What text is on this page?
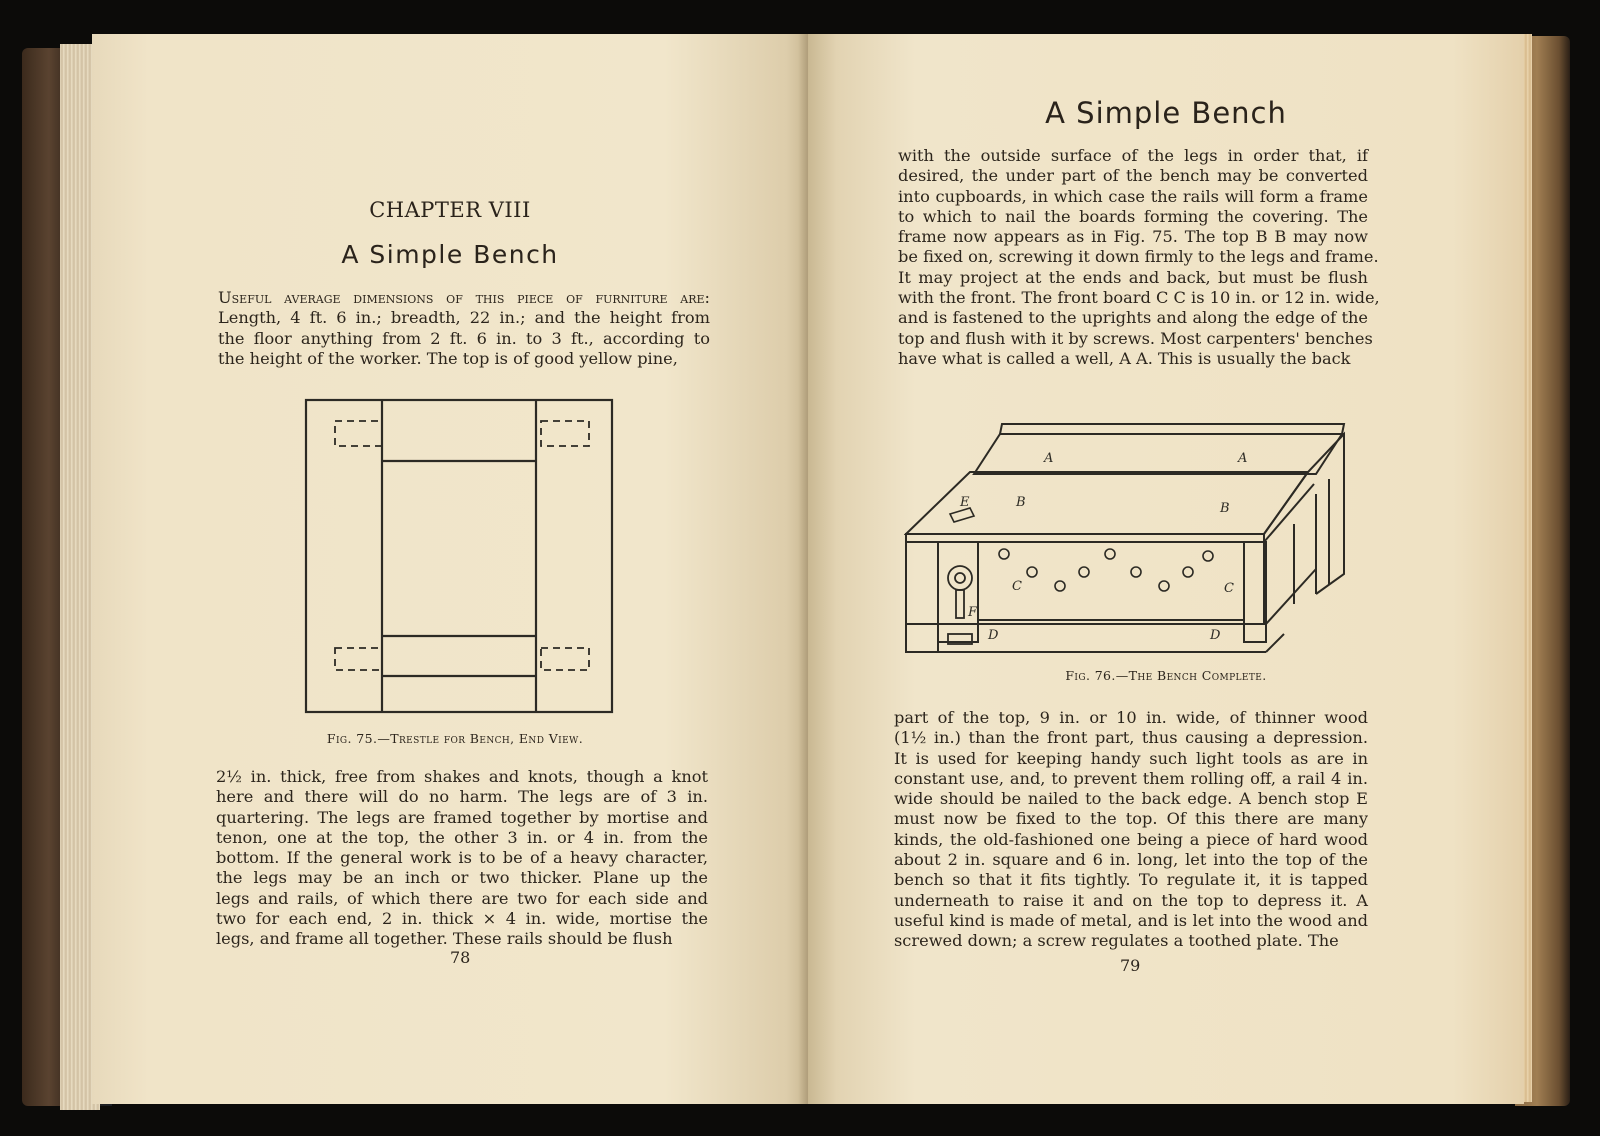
CHAPTER VIII
A Simple Bench
Useful average dimensions of this piece of furniture are:
Length, 4 ft. 6 in.; breadth, 22 in.; and the height from
the floor anything from 2 ft. 6 in. to 3 ft., according to
the height of the worker. The top is of good yellow pine,
Fig. 75.—Trestle for Bench, End View.
2½ in. thick, free from shakes and knots, though a knot
here and there will do no harm. The legs are of 3 in.
quartering. The legs are framed together by mortise and
tenon, one at the top, the other 3 in. or 4 in. from the
bottom. If the general work is to be of a heavy character,
the legs may be an inch or two thicker. Plane up the
legs and rails, of which there are two for each side and
two for each end, 2 in. thick × 4 in. wide, mortise the
legs, and frame all together. These rails should be flush
78
A Simple Bench
with the outside surface of the legs in order that, if
desired, the under part of the bench may be converted
into cupboards, in which case the rails will form a frame
to which to nail the boards forming the covering. The
frame now appears as in Fig. 75. The top B B may now
be fixed on, screwing it down firmly to the legs and frame.
It may project at the ends and back, but must be flush
with the front. The front board C C is 10 in. or 12 in. wide,
and is fastened to the uprights and along the edge of the
top and flush with it by screws. Most carpenters' benches
have what is called a well, A A. This is usually the back
A	A
B	B
C	C
D	D
E
F
Fig. 76.—The Bench Complete.
part of the top, 9 in. or 10 in. wide, of thinner wood
(1½ in.) than the front part, thus causing a depression.
It is used for keeping handy such light tools as are in
constant use, and, to prevent them rolling off, a rail 4 in.
wide should be nailed to the back edge. A bench stop E
must now be fixed to the top. Of this there are many
kinds, the old-fashioned one being a piece of hard wood
about 2 in. square and 6 in. long, let into the top of the
bench so that it fits tightly. To regulate it, it is tapped
underneath to raise it and on the top to depress it. A
useful kind is made of metal, and is let into the wood and
screwed down; a screw regulates a toothed plate. The
79
